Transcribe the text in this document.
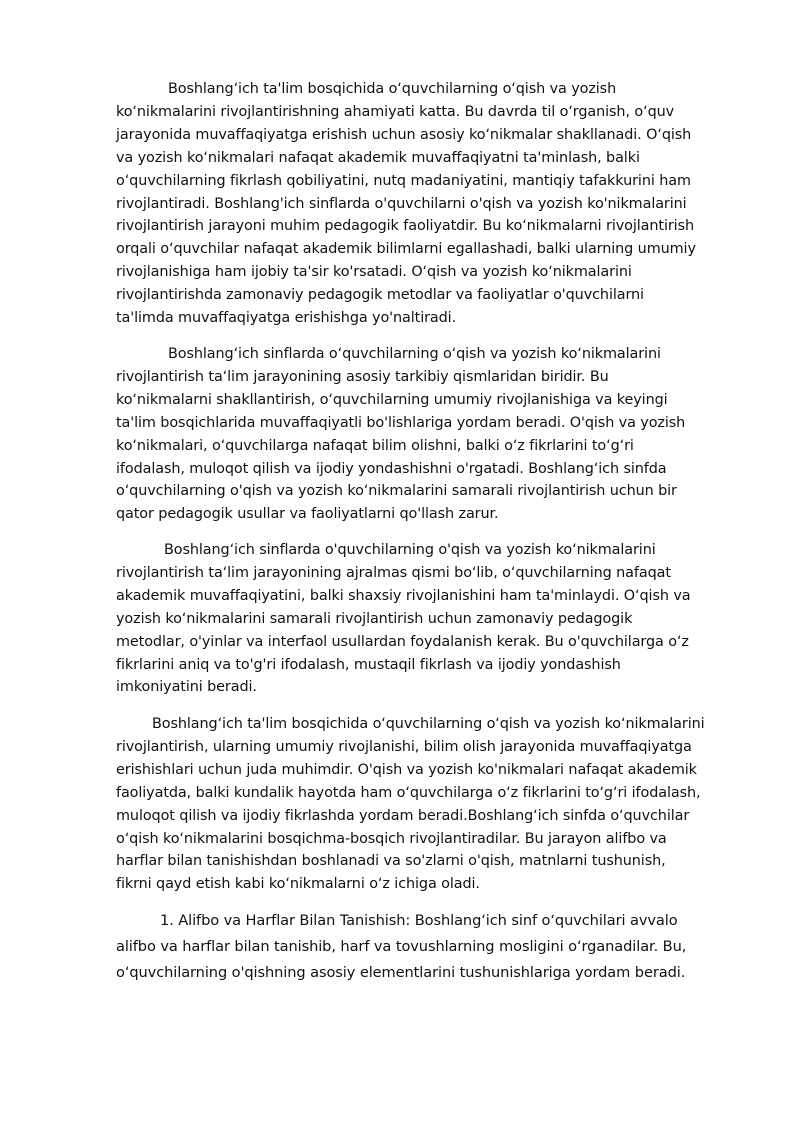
Boshlang‘ich ta'lim bosqichida o‘quvchilarning o‘qish va yozish
ko‘nikmalarini rivojlantirishning ahamiyati katta. Bu davrda til o‘rganish, o‘quv
jarayonida muvaffaqiyatga erishish uchun asosiy ko‘nikmalar shakllanadi. O‘qish
va yozish ko‘nikmalari nafaqat akademik muvaffaqiyatni ta'minlash, balki
o‘quvchilarning fikrlash qobiliyatini, nutq madaniyatini, mantiqiy tafakkurini ham
rivojlantiradi. Boshlang'ich sinflarda o'quvchilarni o'qish va yozish ko'nikmalarini
rivojlantirish jarayoni muhim pedagogik faoliyatdir. Bu ko‘nikmalarni rivojlantirish
orqali o‘quvchilar nafaqat akademik bilimlarni egallashadi, balki ularning umumiy
rivojlanishiga ham ijobiy ta'sir ko'rsatadi. O‘qish va yozish ko‘nikmalarini
rivojlantirishda zamonaviy pedagogik metodlar va faoliyatlar o'quvchilarni
ta'limda muvaffaqiyatga erishishga yo'naltiradi.
Boshlang‘ich sinflarda o‘quvchilarning o‘qish va yozish ko‘nikmalarini
rivojlantirish ta‘lim jarayonining asosiy tarkibiy qismlaridan biridir. Bu
ko‘nikmalarni shakllantirish, o‘quvchilarning umumiy rivojlanishiga va keyingi
ta'lim bosqichlarida muvaffaqiyatli bo'lishlariga yordam beradi. O'qish va yozish
ko‘nikmalari, o‘quvchilarga nafaqat bilim olishni, balki o‘z fikrlarini to‘g‘ri
ifodalash, muloqot qilish va ijodiy yondashishni o'rgatadi. Boshlang‘ich sinfda
o‘quvchilarning o'qish va yozish ko‘nikmalarini samarali rivojlantirish uchun bir
qator pedagogik usullar va faoliyatlarni qo'llash zarur.
Boshlang‘ich sinflarda o'quvchilarning o'qish va yozish ko‘nikmalarini
rivojlantirish ta‘lim jarayonining ajralmas qismi bo‘lib, o‘quvchilarning nafaqat
akademik muvaffaqiyatini, balki shaxsiy rivojlanishini ham ta'minlaydi. O‘qish va
yozish ko‘nikmalarini samarali rivojlantirish uchun zamonaviy pedagogik
metodlar, o'yinlar va interfaol usullardan foydalanish kerak. Bu o'quvchilarga o‘z
fikrlarini aniq va to'g'ri ifodalash, mustaqil fikrlash va ijodiy yondashish
imkoniyatini beradi.
Boshlang‘ich ta'lim bosqichida o‘quvchilarning o‘qish va yozish ko‘nikmalarini
rivojlantirish, ularning umumiy rivojlanishi, bilim olish jarayonida muvaffaqiyatga
erishishlari uchun juda muhimdir. O'qish va yozish ko'nikmalari nafaqat akademik
faoliyatda, balki kundalik hayotda ham o‘quvchilarga o‘z fikrlarini to‘g‘ri ifodalash,
muloqot qilish va ijodiy fikrlashda yordam beradi.Boshlang‘ich sinfda o‘quvchilar
o‘qish ko‘nikmalarini bosqichma-bosqich rivojlantiradilar. Bu jarayon alifbo va
harflar bilan tanishishdan boshlanadi va so'zlarni o'qish, matnlarni tushunish,
fikrni qayd etish kabi ko‘nikmalarni o‘z ichiga oladi.
1. Alifbo va Harflar Bilan Tanishish: Boshlang‘ich sinf o‘quvchilari avvalo
alifbo va harflar bilan tanishib, harf va tovushlarning mosligini o‘rganadilar. Bu,
o‘quvchilarning o'qishning asosiy elementlarini tushunishlariga yordam beradi.
